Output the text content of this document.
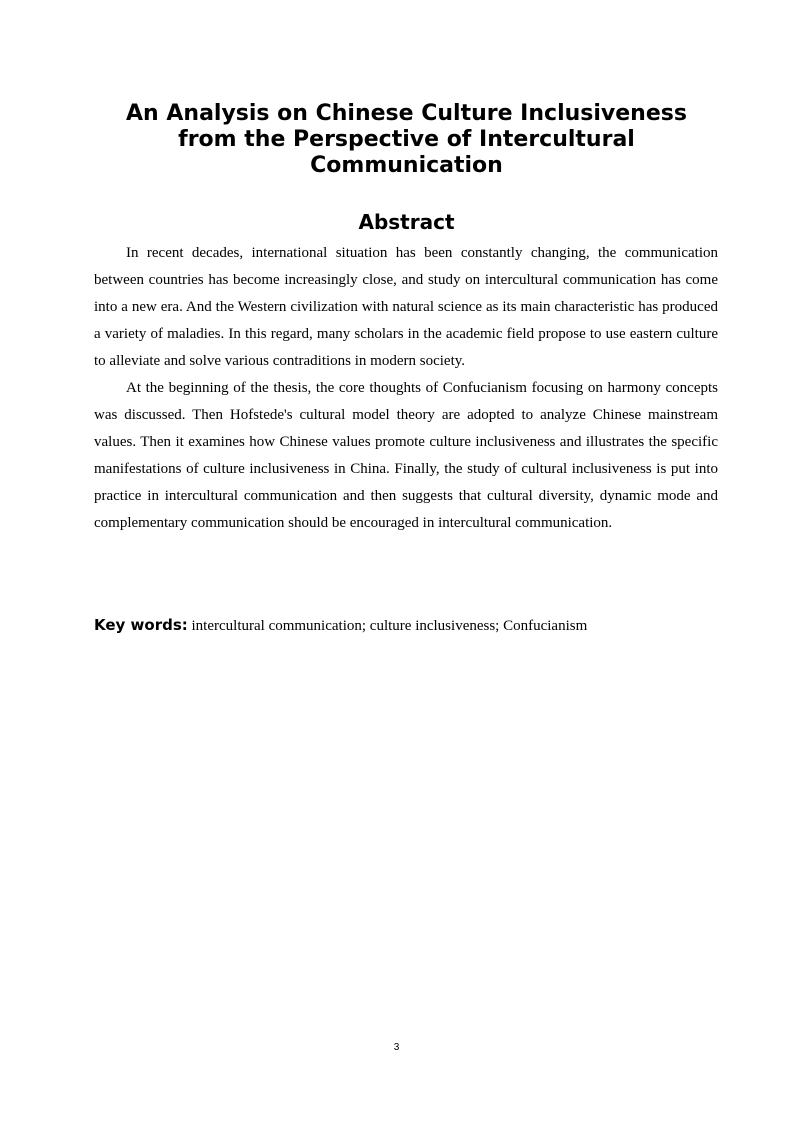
An Analysis on Chinese Culture Inclusiveness
from the Perspective of Intercultural
Communication
Abstract

In recent decades, international situation has been constantly changing, the communication between countries has become increasingly close, and study on intercultural communication has come into a new era. And the Western civilization with natural science as its main characteristic has produced a variety of maladies. In this regard, many scholars in the academic field propose to use eastern culture to alleviate and solve various contraditions in modern society.

At the beginning of the thesis, the core thoughts of Confucianism focusing on harmony concepts was discussed. Then Hofstede's cultural model theory are adopted to analyze Chinese mainstream values. Then it examines how Chinese values promote culture inclusiveness and illustrates the specific manifestations of culture inclusiveness in China. Finally, the study of cultural inclusiveness is put into practice in intercultural communication and then suggests that cultural diversity, dynamic mode and complementary communication should be encouraged in intercultural communication.

Key words: intercultural communication; culture inclusiveness; Confucianism
3
